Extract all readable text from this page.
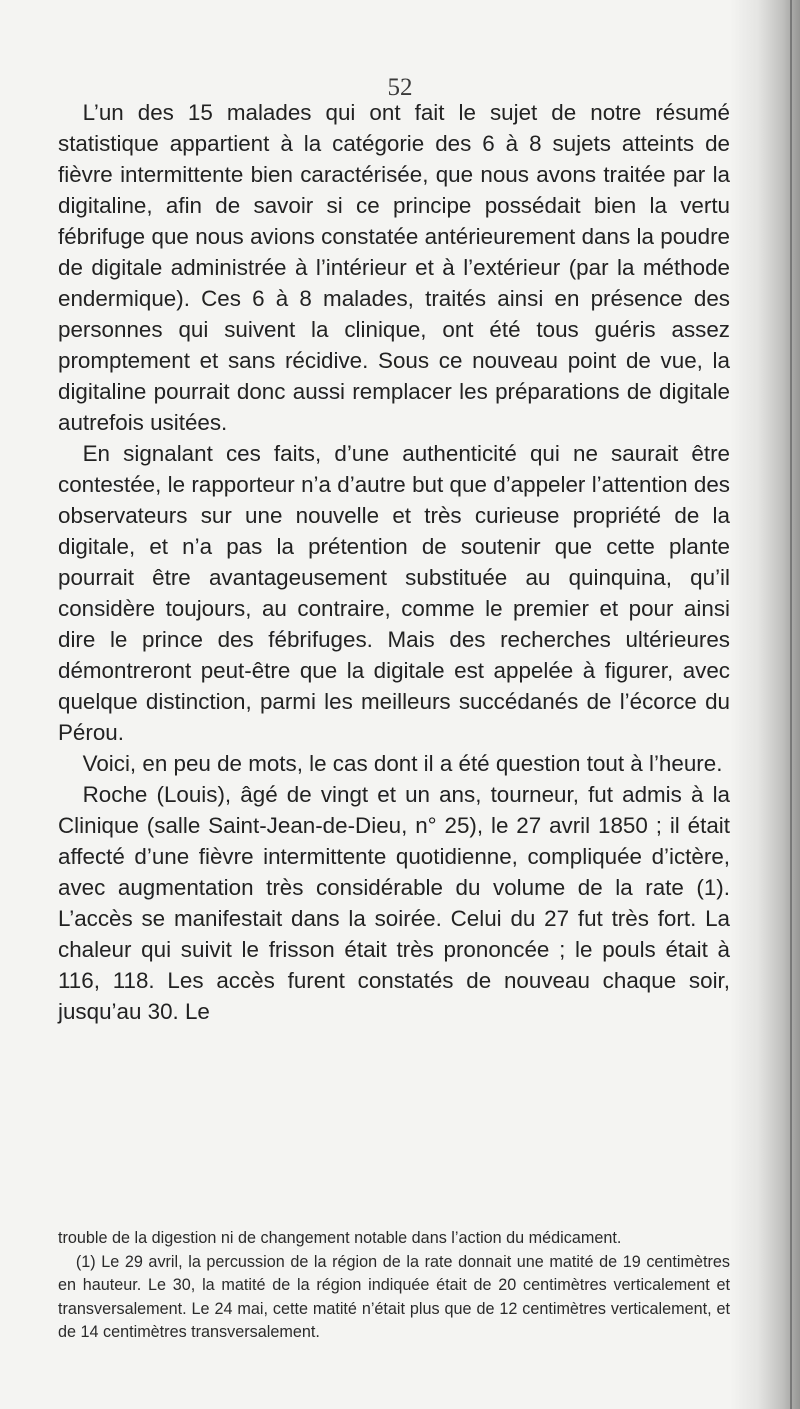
52

L’un des 15 malades qui ont fait le sujet de notre résumé statistique appartient à la catégorie des 6 à 8 sujets atteints de fièvre intermittente bien caractérisée, que nous avons traitée par la digitaline, afin de savoir si ce principe possédait bien la vertu fébrifuge que nous avions constatée antérieurement dans la poudre de digitale administrée à l’intérieur et à l’extérieur (par la méthode endermique). Ces 6 à 8 malades, traités ainsi en présence des personnes qui suivent la clinique, ont été tous guéris assez promptement et sans récidive. Sous ce nouveau point de vue, la digitaline pourrait donc aussi remplacer les préparations de digitale autrefois usitées.

En signalant ces faits, d’une authenticité qui ne saurait être contestée, le rapporteur n’a d’autre but que d’appeler l’attention des observateurs sur une nouvelle et très curieuse propriété de la digitale, et n’a pas la prétention de soutenir que cette plante pourrait être avantageusement substituée au quinquina, qu’il considère toujours, au contraire, comme le premier et pour ainsi dire le prince des fébrifuges. Mais des recherches ultérieures démontreront peut-être que la digitale est appelée à figurer, avec quelque distinction, parmi les meilleurs succédanés de l’écorce du Pérou.

Voici, en peu de mots, le cas dont il a été question tout à l’heure.

Roche (Louis), âgé de vingt et un ans, tourneur, fut admis à la Clinique (salle Saint-Jean-de-Dieu, n° 25), le 27 avril 1850 ; il était affecté d’une fièvre intermittente quotidienne, compliquée d’ictère, avec augmentation très considérable du volume de la rate (1). L’accès se manifestait dans la soirée. Celui du 27 fut très fort. La chaleur qui suivit le frisson était très prononcée ; le pouls était à 116, 118. Les accès furent constatés de nouveau chaque soir, jusqu’au 30. Le

trouble de la digestion ni de changement notable dans l’action du médicament.

(1) Le 29 avril, la percussion de la région de la rate donnait une matité de 19 centimètres en hauteur. Le 30, la matité de la région indiquée était de 20 centimètres verticalement et transversalement. Le 24 mai, cette matité n’était plus que de 12 centimètres verticalement, et de 14 centimètres transversalement.
